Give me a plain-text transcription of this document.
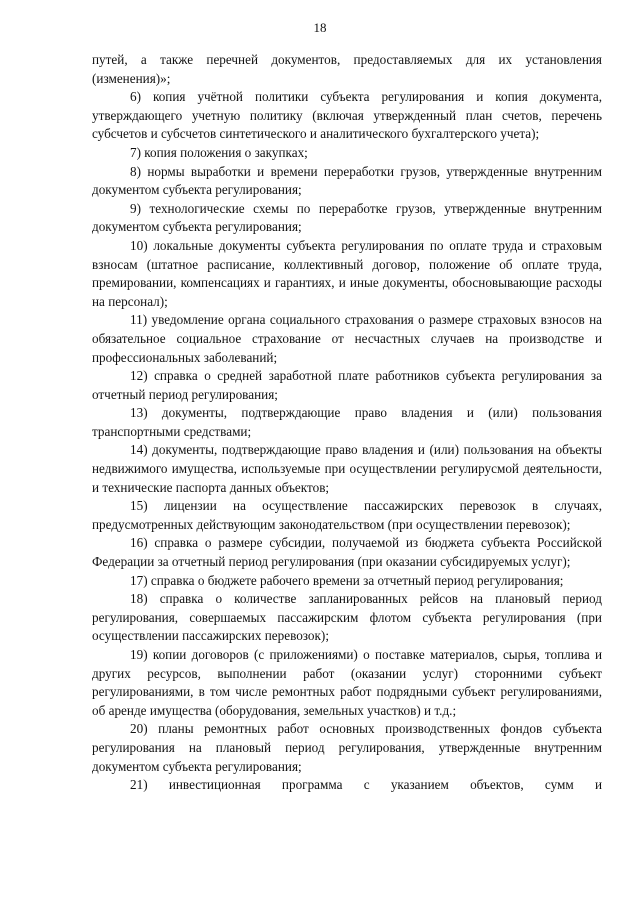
18

путей, а также перечней документов, предоставляемых для их установления (изменения)»;

6) копия учётной политики субъекта регулирования и копия документа, утверждающего учетную политику (включая утвержденный план счетов, перечень субсчетов и субсчетов синтетического и аналитического бухгалтерского учета);

7) копия положения о закупках;

8) нормы выработки и времени переработки грузов, утвержденные внутренним документом субъекта регулирования;

9) технологические схемы по переработке грузов, утвержденные внутренним документом субъекта регулирования;

10) локальные документы субъекта регулирования по оплате труда и страховым взносам (штатное расписание, коллективный договор, положение об оплате труда, премировании, компенсациях и гарантиях, и иные документы, обосновывающие расходы на персонал);

11) уведомление органа социального страхования о размере страховых взносов на обязательное социальное страхование от несчастных случаев на производстве и профессиональных заболеваний;

12) справка о средней заработной плате работников субъекта регулирования за отчетный период регулирования;

13) документы, подтверждающие право владения и (или) пользования транспортными средствами;

14) документы, подтверждающие право владения и (или) пользования на объекты недвижимого имущества, используемые при осуществлении регулирусмой деятельности, и технические паспорта данных объектов;

15) лицензии на осуществление пассажирских перевозок в случаях, предусмотренных действующим законодательством (при осуществлении перевозок);

16) справка о размере субсидии, получаемой из бюджета субъекта Российской Федерации за отчетный период регулирования (при оказании субсидируемых услуг);

17) справка о бюджете рабочего времени за отчетный период регулирования;

18) справка о количестве запланированных рейсов на плановый период регулирования, совершаемых пассажирским флотом субъекта регулирования (при осуществлении пассажирских перевозок);

19) копии договоров (с приложениями) о поставке материалов, сырья, топлива и других ресурсов, выполнении работ (оказании услуг) сторонними субъект регулированиями, в том числе ремонтных работ подрядными субъект регулированиями, об аренде имущества (оборудования, земельных участков) и т.д.;

20) планы ремонтных работ основных производственных фондов субъекта регулирования на плановый период регулирования, утвержденные внутренним документом субъекта регулирования;

21) инвестиционная программа с указанием объектов, сумм и
